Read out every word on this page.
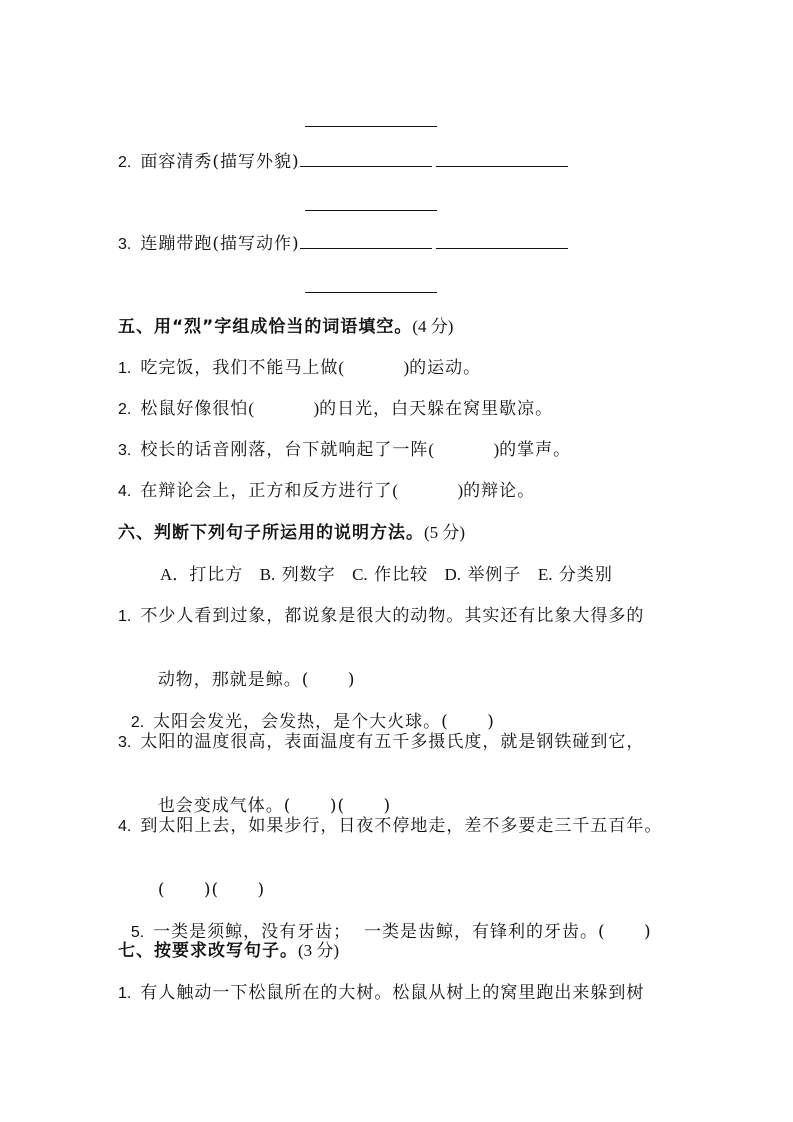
2. 面容清秀(描写外貌)
3. 连蹦带跑(描写动作)
五、用“烈”字组成恰当的词语填空。(4 分)
1. 吃完饭，我们不能马上做(              )的运动。
2. 松鼠好像很怕(              )的日光，白天躲在窝里歇凉。
3. 校长的话音刚落，台下就响起了一阵(              )的掌声。
4. 在辩论会上，正方和反方进行了(              )的辩论。
六、判断下列句子所运用的说明方法。(5 分)
A．打比方 B. 列数字 C. 作比较 D. 举例子 E. 分类别
1. 不少人看到过象，都说象是很大的动物。其实还有比象大得多的

动物，那就是鲸。(      )

2. 太阳会发光，会发热，是个大火球。(      )

3. 太阳的温度很高，表面温度有五千多摄氏度，就是钢铁碰到它，

也会变成气体。(      )(      )

4. 到太阳上去，如果步行，日夜不停地走，差不多要走三千五百年。

(      )(      )

5. 一类是须鲸，没有牙齿；  一类是齿鲸，有锋利的牙齿。(      )

七、按要求改写句子。(3 分)
1. 有人触动一下松鼠所在的大树。松鼠从树上的窝里跑出来躲到树
